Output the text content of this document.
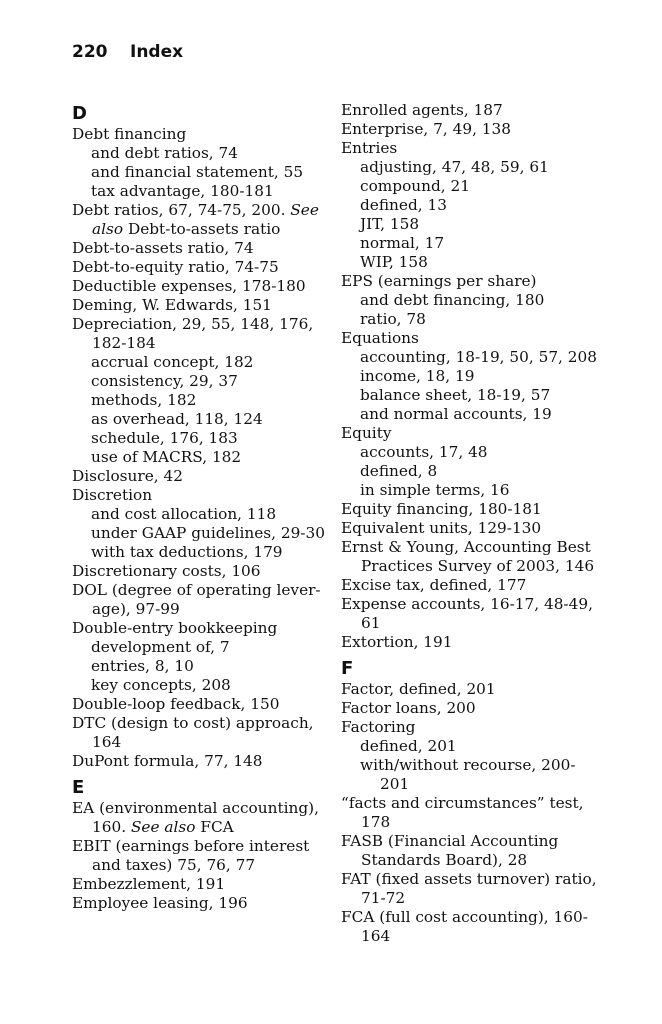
220 Index
D
Debt financing
and debt ratios, 74
and financial statement, 55
tax advantage, 180-181
Debt ratios, 67, 74-75, 200. See also Debt-to-assets ratio
Debt-to-assets ratio, 74
Debt-to-equity ratio, 74-75
Deductible expenses, 178-180
Deming, W. Edwards, 151
Depreciation, 29, 55, 148, 176, 182-184
accrual concept, 182
consistency, 29, 37
methods, 182
as overhead, 118, 124
schedule, 176, 183
use of MACRS, 182
Disclosure, 42
Discretion
and cost allocation, 118
under GAAP guidelines, 29-30
with tax deductions, 179
Discretionary costs, 106
DOL (degree of operating lever- age), 97-99
Double-entry bookkeeping
development of, 7
entries, 8, 10
key concepts, 208
Double-loop feedback, 150
DTC (design to cost) approach, 164
DuPont formula, 77, 148
E
EA (environmental accounting), 160. See also FCA
EBIT (earnings before interest and taxes) 75, 76, 77
Embezzlement, 191
Employee leasing, 196
Enrolled agents, 187
Enterprise, 7, 49, 138
Entries
adjusting, 47, 48, 59, 61
compound, 21
defined, 13
JIT, 158
normal, 17
WIP, 158
EPS (earnings per share)
and debt financing, 180
ratio, 78
Equations
accounting, 18-19, 50, 57, 208
income, 18, 19
balance sheet, 18-19, 57
and normal accounts, 19
Equity
accounts, 17, 48
defined, 8
in simple terms, 16
Equity financing, 180-181
Equivalent units, 129-130
Ernst & Young, Accounting Best Practices Survey of 2003, 146
Excise tax, defined, 177
Expense accounts, 16-17, 48-49, 61
Extortion, 191
F
Factor, defined, 201
Factor loans, 200
Factoring
defined, 201
with/without recourse, 200-201
“facts and circumstances” test, 178
FASB (Financial Accounting Standards Board), 28
FAT (fixed assets turnover) ratio, 71-72
FCA (full cost accounting), 160- 164
